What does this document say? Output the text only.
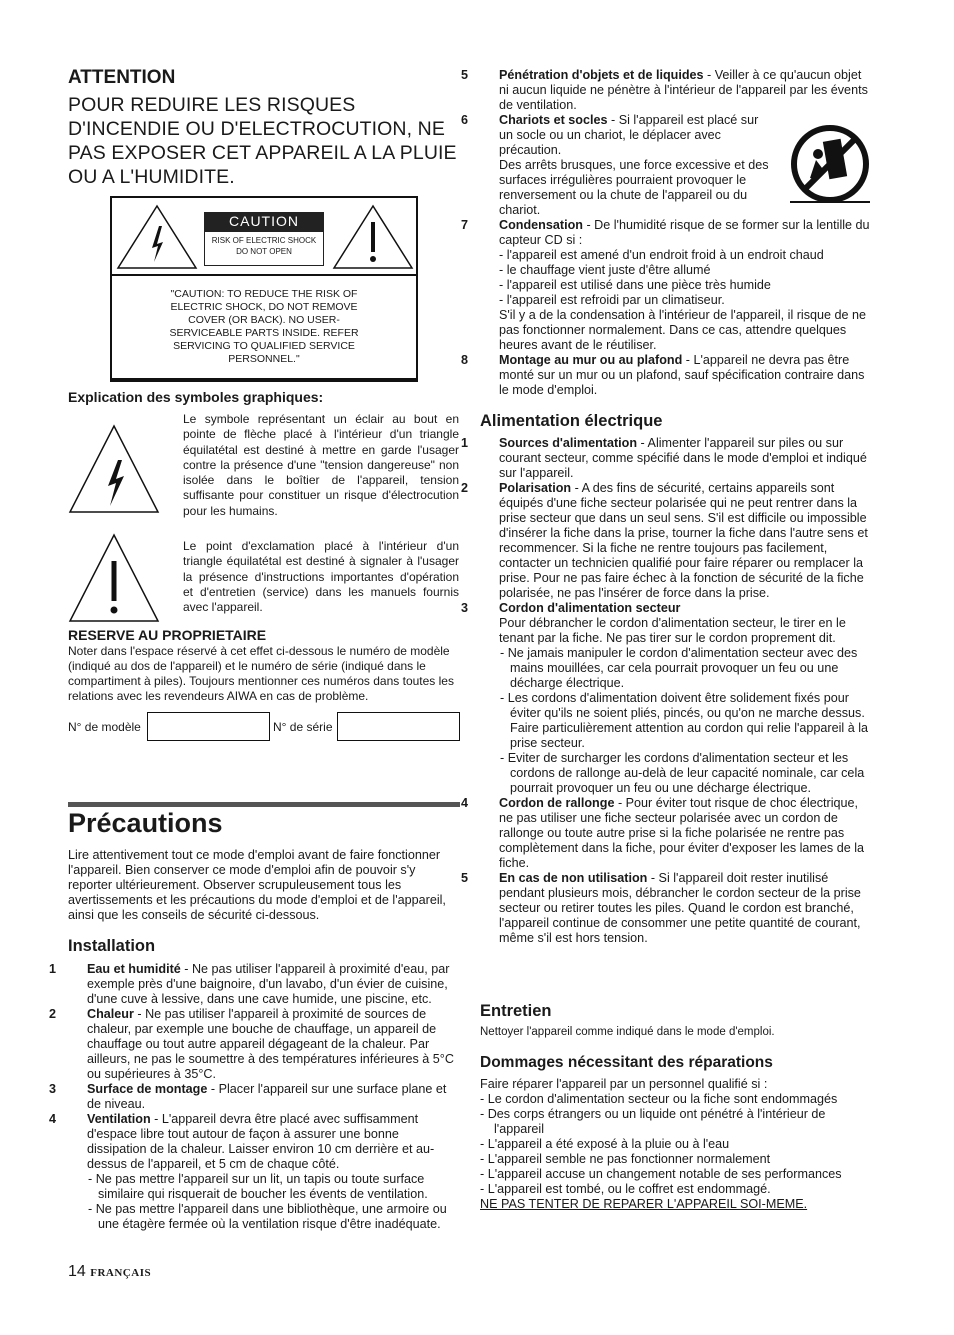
ATTENTION
POUR REDUIRE LES RISQUES D'INCENDIE OU D'ELECTROCUTION, NE PAS EXPOSER CET APPAREIL A LA PLUIE OU A L'HUMIDITE.
CAUTION
RISK OF ELECTRIC SHOCK
DO NOT OPEN
"CAUTION: TO REDUCE THE RISK OF ELECTRIC SHOCK, DO NOT REMOVE COVER (OR BACK). NO USER-SERVICEABLE PARTS INSIDE. REFER SERVICING TO QUALIFIED SERVICE PERSONNEL."
Explication des symboles graphiques:
Le symbole représentant un éclair au bout en pointe de flèche placé à l'intérieur d'un triangle équilatétal est destiné à mettre en garde l'usager contre la présence d'une "tension dangereuse" non isolée dans le boîtier de l'appareil, tension suffisante pour constituer un risque d'électrocution pour les humains.
Le point d'exclamation placé à l'intérieur d'un triangle équilatétal est destiné à signaler à l'usager la présence d'instructions importantes d'opération et d'entretien (service) dans les manuels fournis avec l'appareil.
RESERVE AU PROPRIETAIRE
Noter dans l'espace réservé à cet effet ci-dessous le numéro de modèle (indiqué au dos de l'appareil) et le numéro de série (indiqué dans le compartiment à piles). Toujours mentionner ces numéros dans toutes les relations avec les revendeurs AIWA en cas de problème.
N° de modèle	N° de série
Précautions
Lire attentivement tout ce mode d'emploi avant de faire fonctionner l'appareil. Bien conserver ce mode d'emploi afin de pouvoir s'y reporter ultérieurement. Observer scrupuleusement tous les avertissements et les précautions du mode d'emploi et de l'appareil, ainsi que les conseils de sécurité ci-dessous.
Installation

1 Eau et humidité - Ne pas utiliser l'appareil à proximité d'eau, par exemple près d'une baignoire, d'un lavabo, d'un évier de cuisine, d'une cuve à lessive, dans une cave humide, une piscine, etc.

2 Chaleur - Ne pas utiliser l'appareil à proximité de sources de chaleur, par exemple une bouche de chauffage, un appareil de chauffage ou tout autre appareil dégageant de la chaleur. Par ailleurs, ne pas le soumettre à des températures inférieures à 5°C ou supérieures à 35°C.

3 Surface de montage - Placer l'appareil sur une surface plane et de niveau.

4 Ventilation - L'appareil devra être placé avec suffisamment d'espace libre tout autour de façon à assurer une bonne dissipation de la chaleur. Laisser environ 10 cm derrière et au-dessus de l'appareil, et 5 cm de chaque côté.

- Ne pas mettre l'appareil sur un lit, un tapis ou toute surface similaire qui risquerait de boucher les évents de ventilation.

- Ne pas mettre l'appareil dans une bibliothèque, une armoire ou une étagère fermée où la ventilation risque d'être inadéquate.

14 FRANÇAIS

5 Pénétration d'objets et de liquides - Veiller à ce qu'aucun objet ni aucun liquide ne pénètre à l'intérieur de l'appareil par les évents de ventilation.

6 Chariots et socles - Si l'appareil est placé sur un socle ou un chariot, le déplacer avec précaution.

Des arrêts brusques, une force excessive et des surfaces irrégulières pourraient provoquer le renversement ou la chute de l'appareil ou du chariot.

7 Condensation - De l'humidité risque de se former sur la lentille du capteur CD si :

- l'appareil est amené d'un endroit froid à un endroit chaud

- le chauffage vient juste d'être allumé

- l'appareil est utilisé dans une pièce très humide

- l'appareil est refroidi par un climatiseur.

S'il y a de la condensation à l'intérieur de l'appareil, il risque de ne pas fonctionner normalement. Dans ce cas, attendre quelques heures avant de le réutiliser.

8 Montage au mur ou au plafond - L'appareil ne devra pas être monté sur un mur ou un plafond, sauf spécification contraire dans le mode d'emploi.

Alimentation électrique

1 Sources d'alimentation - Alimenter l'appareil sur piles ou sur courant secteur, comme spécifié dans le mode d'emploi et indiqué sur l'appareil.

2 Polarisation - A des fins de sécurité, certains appareils sont équipés d'une fiche secteur polarisée qui ne peut rentrer dans la prise secteur que dans un seul sens. S'il est difficile ou impossible d'insérer la fiche dans la prise, tourner la fiche dans l'autre sens et recommencer. Si la fiche ne rentre toujours pas facilement, contacter un technicien qualifié pour faire réparer ou remplacer la prise. Pour ne pas faire échec à la fonction de sécurité de la fiche polarisée, ne pas l'insérer de force dans la prise.

3 Cordon d'alimentation secteur

Pour débrancher le cordon d'alimentation secteur, le tirer en le tenant par la fiche. Ne pas tirer sur le cordon proprement dit.

- Ne jamais manipuler le cordon d'alimentation secteur avec des mains mouillées, car cela pourrait provoquer un feu ou une décharge électrique.

- Les cordons d'alimentation doivent être solidement fixés pour éviter qu'ils ne soient pliés, pincés, ou qu'on ne marche dessus. Faire particulièrement attention au cordon qui relie l'appareil à la prise secteur.

- Eviter de surcharger les cordons d'alimentation secteur et les cordons de rallonge au-delà de leur capacité nominale, car cela pourrait provoquer un feu ou une décharge électrique.

4 Cordon de rallonge - Pour éviter tout risque de choc électrique, ne pas utiliser une fiche secteur polarisée avec un cordon de rallonge ou toute autre prise si la fiche polarisée ne rentre pas complètement dans la fiche, pour éviter d'exposer les lames de la fiche.

5 En cas de non utilisation - Si l'appareil doit rester inutilisé pendant plusieurs mois, débrancher le cordon secteur de la prise secteur ou retirer toutes les piles. Quand le cordon est branché, l'appareil continue de consommer une petite quantité de courant, même s'il est hors tension.

Entretien
Nettoyer l'appareil comme indiqué dans le mode d'emploi.
Dommages nécessitant des réparations

Faire réparer l'appareil par un personnel qualifié si :

- Le cordon d'alimentation secteur ou la fiche sont endommagés

- Des corps étrangers ou un liquide ont pénétré à l'intérieur de l'appareil

- L'appareil a été exposé à la pluie ou à l'eau

- L'appareil semble ne pas fonctionner normalement

- L'appareil accuse un changement notable de ses performances

- L'appareil est tombé, ou le coffret est endommagé.

NE PAS TENTER DE REPARER L'APPAREIL SOI-MEME.
